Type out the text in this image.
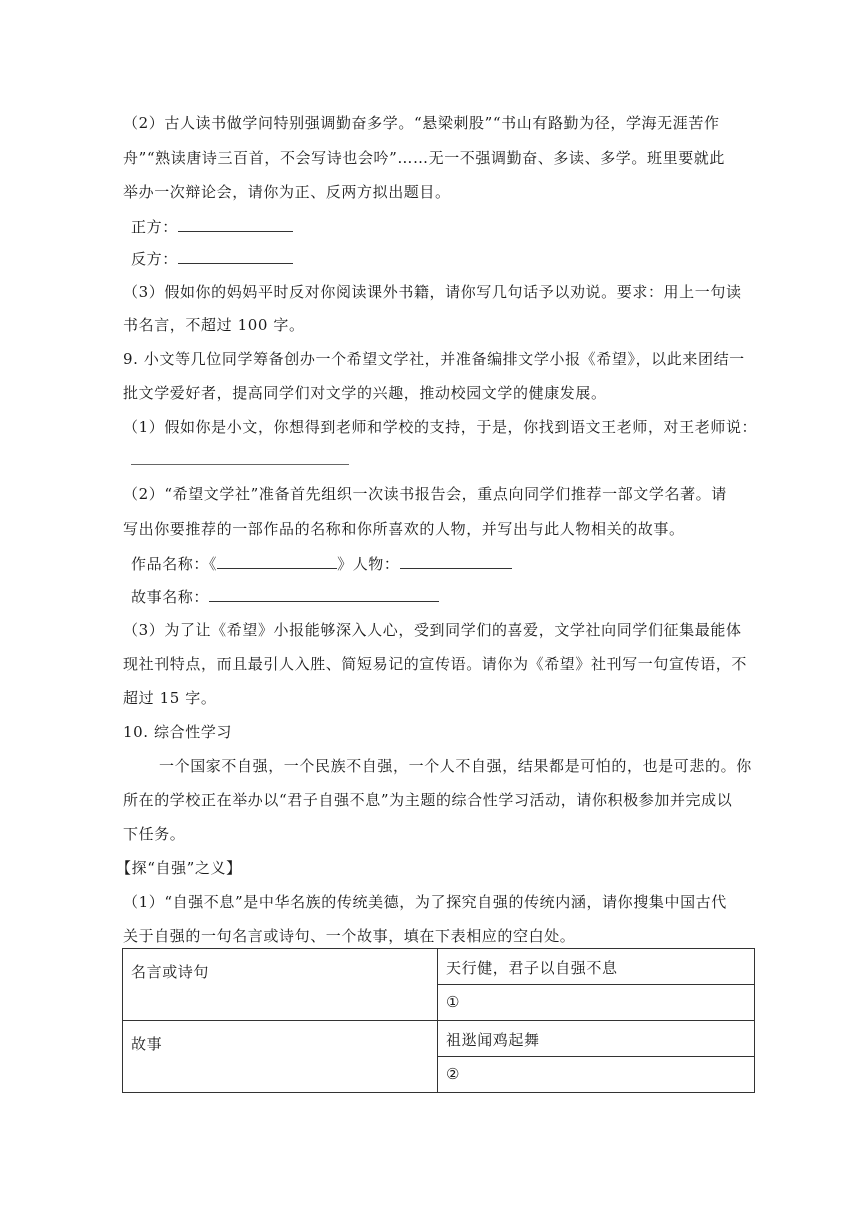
（2）古人读书做学问特别强调勤奋多学。“悬梁刺股”“书山有路勤为径，学海无涯苦作
舟”“熟读唐诗三百首，不会写诗也会吟”……无一不强调勤奋、多读、多学。班里要就此
举办一次辩论会，请你为正、反两方拟出题目。
正方：
反方：
（3）假如你的妈妈平时反对你阅读课外书籍，请你写几句话予以劝说。要求：用上一句读
书名言，不超过 100 字。
9. 小文等几位同学筹备创办一个希望文学社，并准备编排文学小报《希望》，以此来团结一
批文学爱好者，提高同学们对文学的兴趣，推动校园文学的健康发展。
（1）假如你是小文，你想得到老师和学校的支持，于是，你找到语文王老师，对王老师说：
（2）“希望文学社”准备首先组织一次读书报告会，重点向同学们推荐一部文学名著。请
写出你要推荐的一部作品的名称和你所喜欢的人物，并写出与此人物相关的故事。
作品名称：《	》人物：
故事名称：
（3）为了让《希望》小报能够深入人心，受到同学们的喜爱，文学社向同学们征集最能体
现社刊特点，而且最引人入胜、简短易记的宣传语。请你为《希望》社刊写一句宣传语，不
超过 15 字。
10. 综合性学习
一个国家不自强，一个民族不自强，一个人不自强，结果都是可怕的，也是可悲的。你
所在的学校正在举办以“君子自强不息”为主题的综合性学习活动，请你积极参加并完成以
下任务。
【探“自强”之义】
（1）“自强不息”是中华名族的传统美德，为了探究自强的传统内涵，请你搜集中国古代
关于自强的一句名言或诗句、一个故事，填在下表相应的空白处。
名言或诗句	天行健，君子以自强不息
	①
故事	祖逖闻鸡起舞
	②
